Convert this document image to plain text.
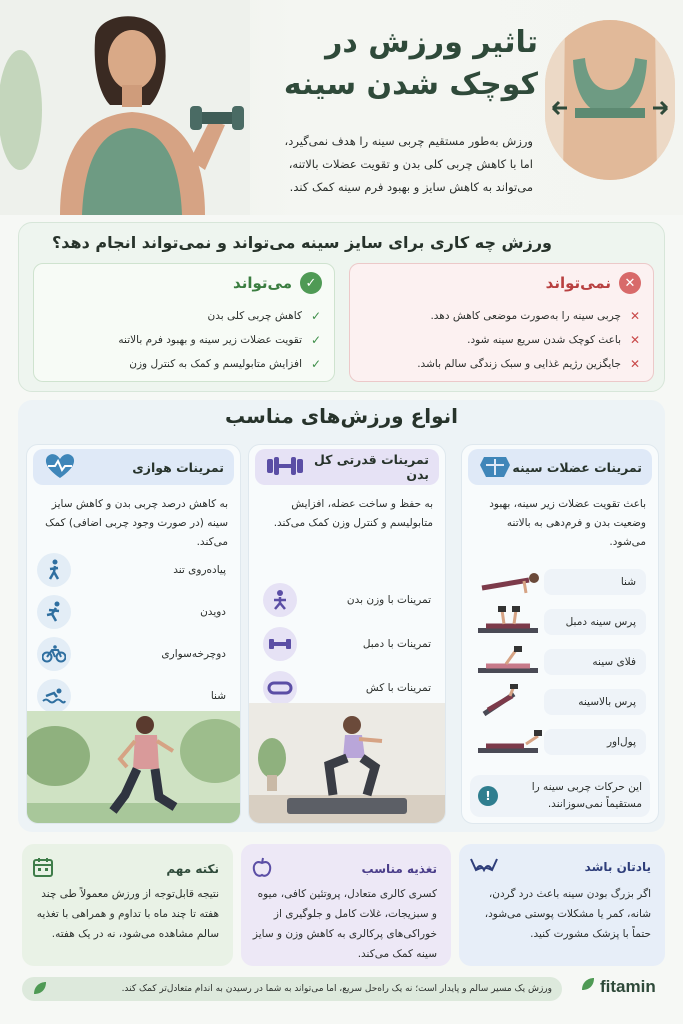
تاثیر ورزش در
کوچک شدن سینه
ورزش به‌طور مستقیم چربی سینه را هدف نمی‌گیرد،
اما با کاهش چربی کلی بدن و تقویت عضلات بالاتنه،
می‌تواند به کاهش سایز و بهبود فرم سینه کمک کند.
ورزش چه کاری برای سایز سینه می‌تواند و نمی‌تواند انجام دهد؟
✕
نمی‌تواند
✕
چربی سینه را به‌صورت موضعی کاهش دهد.
✕
باعث کوچک شدن سریع سینه شود.
✕
جایگزین رژیم غذایی و سبک زندگی سالم باشد.
✓
می‌تواند
✓
کاهش چربی کلی بدن
✓
تقویت عضلات زیر سینه و بهبود فرم بالاتنه
✓
افزایش متابولیسم و کمک به کنترل وزن
انواع ورزش‌های مناسب
تمرینات عضلات سینه
باعث تقویت عضلات زیر سینه، بهبود وضعیت بدن و فرم‌دهی به بالاتنه می‌شود.
شنا
پرس سینه دمبل
فلای سینه
پرس بالاسینه
پول‌اور
این حرکات چربی سینه را مستقیماً نمی‌سوزانند.
!
تمرینات قدرتی کل بدن
به حفظ و ساخت عضله، افزایش متابولیسم و کنترل وزن کمک می‌کند.
تمرینات با وزن بدن
تمرینات با دمبل
تمرینات با کش
تمرینات هوازی
به کاهش درصد چربی بدن و کاهش سایز سینه (در صورت وجود چربی اضافی) کمک می‌کند.
پیاده‌روی تند
دویدن
دوچرخه‌سواری
شنا
یادتان باشد
اگر بزرگ بودن سینه باعث درد گردن، شانه، کمر یا مشکلات پوستی می‌شود، حتماً با پزشک مشورت کنید.
تغذیه مناسب
کسری کالری متعادل، پروتئین کافی، میوه و سبزیجات، غلات کامل و جلوگیری از خوراکی‌های پرکالری به کاهش وزن و سایز سینه کمک می‌کند.
نکته مهم
نتیجه قابل‌توجه از ورزش معمولاً طی چند هفته تا چند ماه با تداوم و همراهی با تغذیه سالم مشاهده می‌شود، نه در یک هفته.
ورزش یک مسیر سالم و پایدار است؛ نه یک راه‌حل سریع، اما می‌تواند به شما در رسیدن به اندام متعادل‌تر کمک کند.	fitamin
